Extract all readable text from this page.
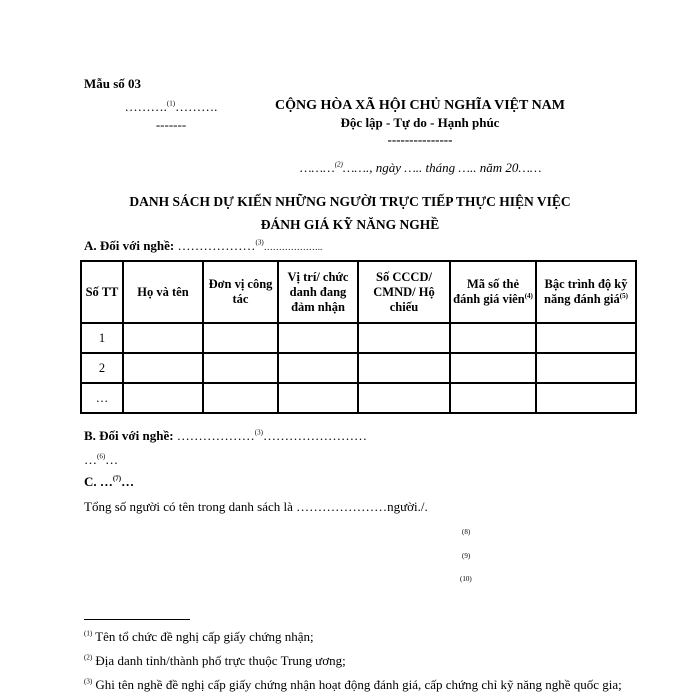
Mẫu số 03
……….$^{(1)}$……….
-------
CỘNG HÒA XÃ HỘI CHỦ NGHĨA VIỆT NAM
Độc lập - Tự do - Hạnh phúc
---------------
………$^{(2)}$……., ngày ….. tháng ….. năm 20……
DANH SÁCH DỰ KIẾN NHỮNG NGƯỜI TRỰC TIẾP THỰC HIỆN VIỆC
ĐÁNH GIÁ KỸ NĂNG NGHỀ
A. Đối với nghề: ………………$^{(3)}$………………..
Số TT	Họ và tên	Đơn vị công tác	Vị trí/ chức danh đang đảm nhận	Số CCCD/ CMND/ Hộ chiếu	Mã số thẻ đánh giá viên$^{(4)}$	Bậc trình độ kỹ năng đánh giá$^{(5)}$
1						
2						
…						
B. Đối với nghề: ………………$^{(3)}$……………………
…$^{(6)}$…
C. …$^{(7)}$…
Tổng số người có tên trong danh sách là …………………người./.
(8)
(9)
(10)
$^{(1)}$ Tên tổ chức đề nghị cấp giấy chứng nhận;
$^{(2)}$ Địa danh tỉnh/thành phố trực thuộc Trung ương;
$^{(3)}$ Ghi tên nghề đề nghị cấp giấy chứng nhận hoạt động đánh giá, cấp chứng chỉ kỹ năng nghề quốc gia;
